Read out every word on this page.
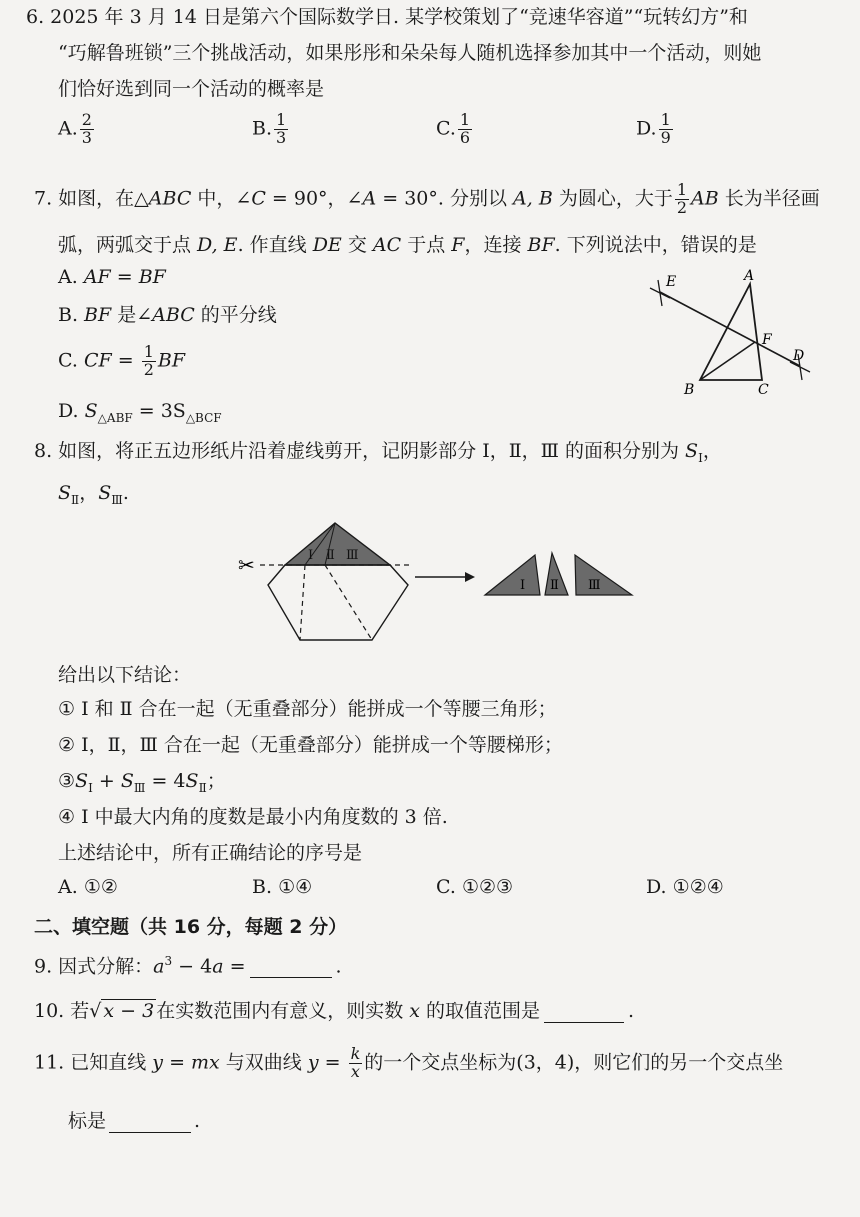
6. 2025 年 3 月 14 日是第六个国际数学日. 某学校策划了“竞速华容道”“玩转幻方”和
“巧解鲁班锁”三个挑战活动，如果彤彤和朵朵每人随机选择参加其中一个活动，则她
们恰好选到同一个活动的概率是
A. $\frac{2}{3}$	B. $\frac{1}{3}$	C. $\frac{1}{6}$	D. $\frac{1}{9}$
7. 如图，在△ABC 中，∠C = 90°，∠A = 30°. 分别以 A, B 为圆心，大于 $\frac{1}{2}$ AB 长为半径画
弧，两弧交于点 D, E. 作直线 DE 交 AC 于点 F，连接 BF. 下列说法中，错误的是
A. AF = BF
B. BF 是∠ABC 的平分线
C. CF = $\frac{1}{2}$ BF
D. $S_{\triangle ABF} = 3S_{\triangle BCF}$
A
B	C
D
E
F
8. 如图，将正五边形纸片沿着虚线剪开，记阴影部分 Ⅰ，Ⅱ，Ⅲ 的面积分别为 $S_Ⅰ$，
$S_Ⅱ$，$S_Ⅲ$.
✂	Ⅰ Ⅱ Ⅲ
Ⅰ Ⅱ Ⅲ
给出以下结论：
① Ⅰ 和 Ⅱ 合在一起（无重叠部分）能拼成一个等腰三角形；
② Ⅰ，Ⅱ，Ⅲ 合在一起（无重叠部分）能拼成一个等腰梯形；
$③S_Ⅰ + S_Ⅲ = 4S_Ⅱ$；
④ Ⅰ 中最大内角的度数是最小内角度数的 3 倍.
上述结论中，所有正确结论的序号是
A. ①②	B. ①④	C. ①②③	D. ①②④
二、填空题（共 16 分，每题 2 分）
9. 因式分解：$a^3 - 4a$ =	.
10. 若√ x − 3 在实数范围内有意义，则实数 x 的取值范围是	.
11. 已知直线 y = mx 与双曲线 $y = \frac{k}{x}$ 的一个交点坐标为(3，4)，则它们的另一个交点坐
标是	.
